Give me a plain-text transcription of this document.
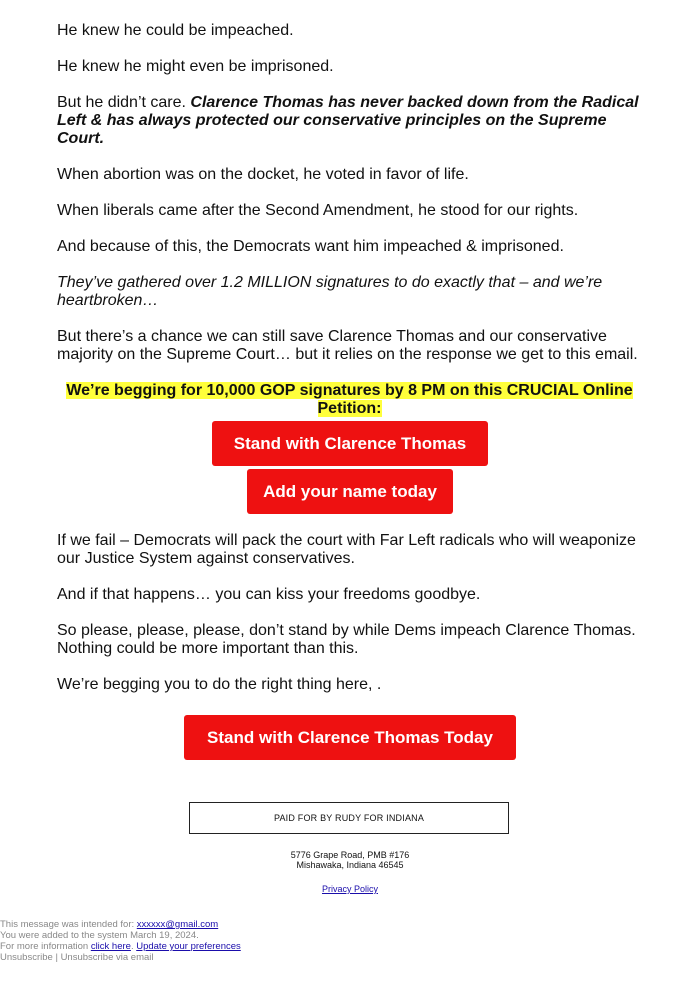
He knew he could be impeached.

He knew he might even be imprisoned.

But he didn’t care. Clarence Thomas has never backed down from the Radical Left & has always protected our conservative principles on the Supreme Court.

When abortion was on the docket, he voted in favor of life.

When liberals came after the Second Amendment, he stood for our rights.

And because of this, the Democrats want him impeached & imprisoned.

They’ve gathered over 1.2 MILLION signatures to do exactly that – and we’re heartbroken…

But there’s a chance we can still save Clarence Thomas and our conservative majority on the Supreme Court… but it relies on the response we get to this email.

We’re begging for 10,000 GOP signatures by 8 PM on this CRUCIAL Online Petition:

If we fail – Democrats will pack the court with Far Left radicals who will weaponize our Justice System against conservatives.

And if that happens… you can kiss your freedoms goodbye.

So please, please, please, don’t stand by while Dems impeach Clarence Thomas. Nothing could be more important than this.

We’re begging you to do the right thing here, .

Stand with Clarence Thomas
Add your name today
Stand with Clarence Thomas Today
PAID FOR BY RUDY FOR INDIANA
5776 Grape Road, PMB #176
Mishawaka, Indiana 46545
Privacy Policy
This message was intended for: xxxxxx@gmail.com
You were added to the system March 19, 2024.
For more information click here. Update your preferences
Unsubscribe | Unsubscribe via email
